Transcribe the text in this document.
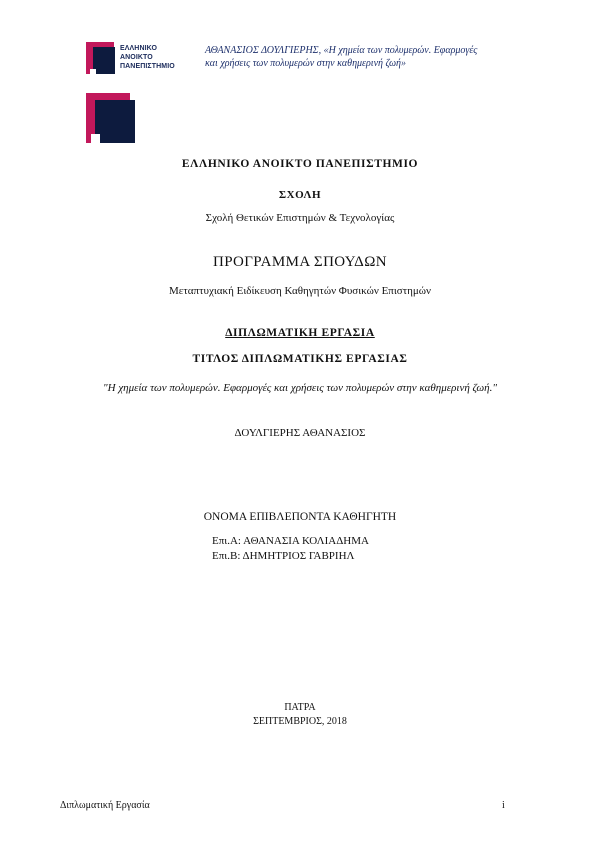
ΕΛΛΗΝΙΚΟ
ΑΝΟΙΚΤΟ
ΠΑΝΕΠΙΣΤΗΜΙΟ
ΑΘΑΝΑΣΙΟΣ ΔΟΥΛΓΙΕΡΗΣ, «Η χημεία των πολυμερών. Εφαρμογές
και χρήσεις των πολυμερών στην καθημερινή ζωή»
ΕΛΛΗΝΙΚΟ ΑΝΟΙΚΤΟ ΠΑΝΕΠΙΣΤΗΜΙΟ
ΣΧΟΛΗ
Σχολή Θετικών Επιστημών & Τεχνολογίας
ΠΡΟΓΡΑΜΜΑ ΣΠΟΥΔΩΝ
Μεταπτυχιακή Ειδίκευση Καθηγητών Φυσικών Επιστημών
ΔΙΠΛΩΜΑΤΙΚΗ ΕΡΓΑΣΙΑ
ΤΙΤΛΟΣ ΔΙΠΛΩΜΑΤΙΚΗΣ ΕΡΓΑΣΙΑΣ
"Η χημεία των πολυμερών. Εφαρμογές και χρήσεις των πολυμερών στην καθημερινή ζωή."
ΔΟΥΛΓΙΕΡΗΣ ΑΘΑΝΑΣΙΟΣ
ΟΝΟΜΑ ΕΠΙΒΛΕΠΟΝΤΑ ΚΑΘΗΓΗΤΗ
Επι.Α: ΑΘΑΝΑΣΙΑ ΚΟΛΙΑΔΗΜΑ
Επι.Β: ΔΗΜΗΤΡΙΟΣ ΓΑΒΡΙΗΛ
ΠΑΤΡΑ
ΣΕΠΤΕΜΒΡΙΟΣ, 2018
Διπλωματική Εργασία	i
